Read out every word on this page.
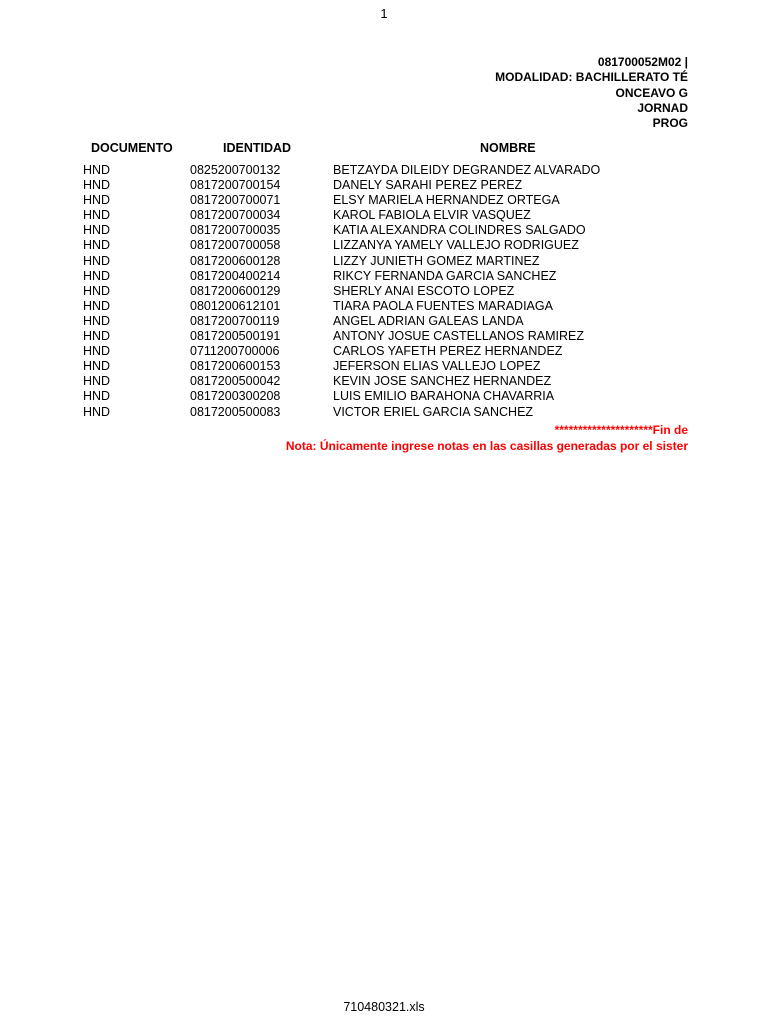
1
081700052M02 |
MODALIDAD: BACHILLERATO TÉ
ONCEAVO G
JORNAD
PROG
DOCUMENTO	IDENTIDAD	NOMBRE
HND	0825200700132	BETZAYDA DILEIDY DEGRANDEZ ALVARADO
HND	0817200700154	DANELY SARAHI PEREZ PEREZ
HND	0817200700071	ELSY MARIELA HERNANDEZ ORTEGA
HND	0817200700034	KAROL FABIOLA ELVIR VASQUEZ
HND	0817200700035	KATIA ALEXANDRA COLINDRES SALGADO
HND	0817200700058	LIZZANYA YAMELY VALLEJO RODRIGUEZ
HND	0817200600128	LIZZY JUNIETH GOMEZ MARTINEZ
HND	0817200400214	RIKCY FERNANDA GARCIA SANCHEZ
HND	0817200600129	SHERLY ANAI ESCOTO LOPEZ
HND	0801200612101	TIARA PAOLA FUENTES MARADIAGA
HND	0817200700119	ANGEL ADRIAN GALEAS LANDA
HND	0817200500191	ANTONY JOSUE CASTELLANOS RAMIREZ
HND	0711200700006	CARLOS YAFETH PEREZ HERNANDEZ
HND	0817200600153	JEFERSON ELIAS VALLEJO LOPEZ
HND	0817200500042	KEVIN JOSE SANCHEZ HERNANDEZ
HND	0817200300208	LUIS EMILIO BARAHONA CHAVARRIA
HND	0817200500083	VICTOR ERIEL GARCIA SANCHEZ
*********************Fin de
Nota: Únicamente ingrese notas en las casillas generadas por el sister
710480321.xls
